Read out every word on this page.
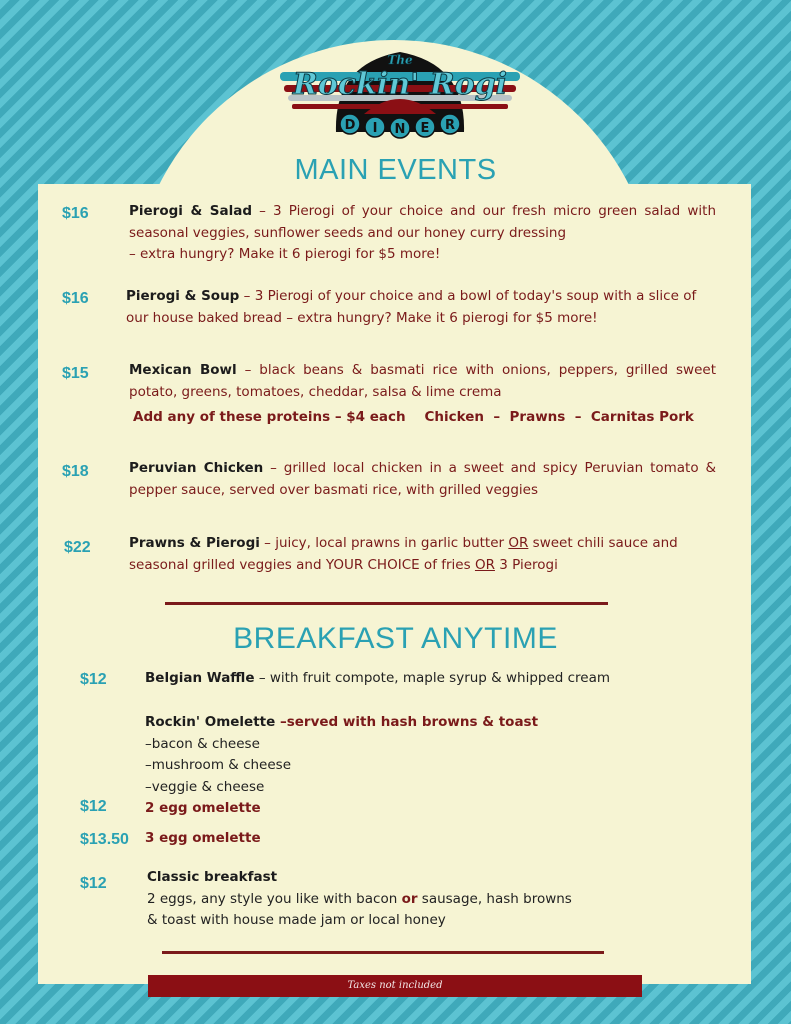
The
Rockin' Rogi
D I N E R
MAIN EVENTS
$16	Pierogi & Salad – 3 Pierogi of your choice and our fresh micro green salad with seasonal veggies, sunflower seeds and our honey curry dressing
– extra hungry? Make it 6 pierogi for $5 more!
$16	Pierogi & Soup – 3 Pierogi of your choice and a bowl of today's soup with a slice of our house baked bread – extra hungry? Make it 6 pierogi for $5 more!
$15	Mexican Bowl – black beans & basmati rice with onions, peppers, grilled sweet potato, greens, tomatoes, cheddar, salsa & lime crema
Add any of these proteins – $4 each    Chicken  –  Prawns  –  Carnitas Pork
$18	Peruvian Chicken – grilled local chicken in a sweet and spicy Peruvian tomato & pepper sauce, served over basmati rice, with grilled veggies
$22	Prawns & Pierogi – juicy, local prawns in garlic butter OR sweet chili sauce and seasonal grilled veggies and YOUR CHOICE of fries OR 3 Pierogi
BREAKFAST ANYTIME
$12	Belgian Waffle – with fruit compote, maple syrup & whipped cream
Rockin' Omelette –served with hash browns & toast
–bacon & cheese
–mushroom & cheese
–veggie & cheese
$12	2 egg omelette
$13.50 3 egg omelette
$12	Classic breakfast
2 eggs, any style you like with bacon or sausage, hash browns
& toast with house made jam or local honey
Taxes not included
